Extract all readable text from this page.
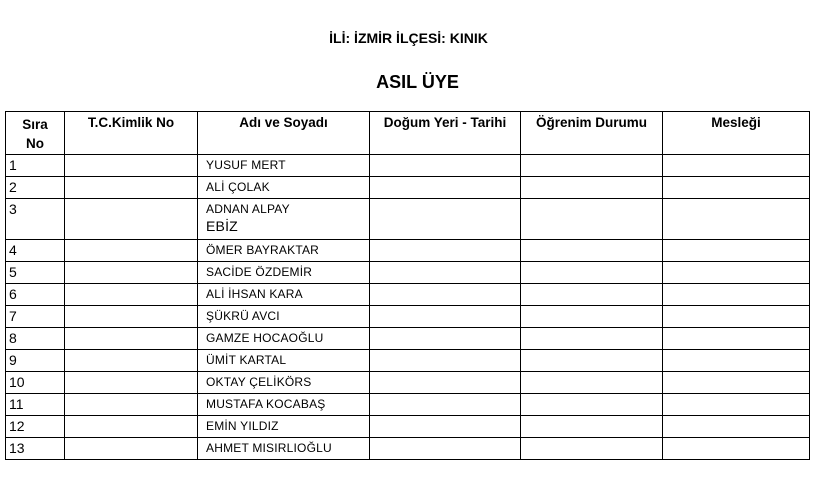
İLİ: İZMİR İLÇESİ: KINIK
ASIL ÜYE
Sıra
No	T.C.Kimlik No	Adı ve Soyadı	Doğum Yeri - Tarihi	Öğrenim Durumu	Mesleği
1		YUSUF MERT			

2		ALİ ÇOLAK			

3		ADNAN ALPAY
EBİZ			

4		ÖMER BAYRAKTAR			

5		SACİDE ÖZDEMİR			

6		ALİ İHSAN KARA			

7		ŞÜKRÜ AVCI			

8		GAMZE HOCAOĞLU			

9		ÜMİT KARTAL			

10		OKTAY ÇELİKÖRS			

11		MUSTAFA KOCABAŞ			

12		EMİN YILDIZ			

13		AHMET MISIRLIOĞLU			
